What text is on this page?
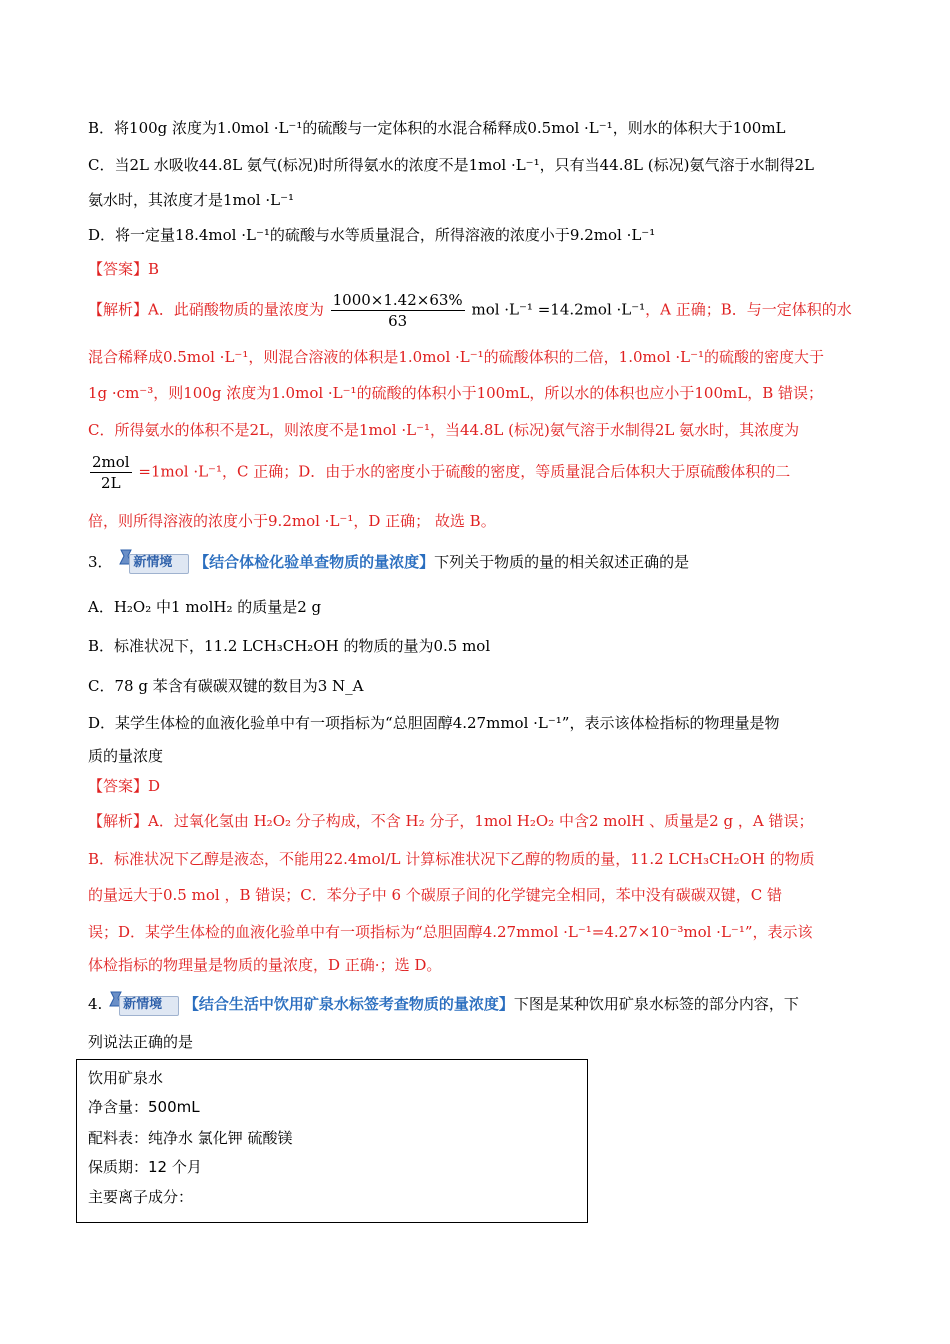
B．将100g 浓度为1.0mol ·L⁻¹的硫酸与一定体积的水混合稀释成0.5mol ·L⁻¹，则水的体积大于100mL
C．当2L 水吸收44.8L 氨气(标况)时所得氨水的浓度不是1mol ·L⁻¹，只有当44.8L (标况)氨气溶于水制得2L
氨水时，其浓度才是1mol ·L⁻¹
D．将一定量18.4mol ·L⁻¹的硫酸与水等质量混合，所得溶液的浓度小于9.2mol ·L⁻¹
【答案】B
【解析】A．此硝酸物质的量浓度为 $\frac{1000\times 1.42\times 63\%}{63}$ mol ·L⁻¹ =14.2mol ·L⁻¹，A 正确；B．与一定体积的水
混合稀释成0.5mol ·L⁻¹，则混合溶液的体积是1.0mol ·L⁻¹的硫酸体积的二倍，1.0mol ·L⁻¹的硫酸的密度大于
1g ·cm⁻³，则100g 浓度为1.0mol ·L⁻¹的硫酸的体积小于100mL，所以水的体积也应小于100mL，B 错误；
C．所得氨水的体积不是2L，则浓度不是1mol ·L⁻¹，当44.8L (标况)氨气溶于水制得2L 氨水时，其浓度为
$\frac{\text{2mol}}{2L} =1mol \cdot L^{-1}$，C 正确；D．由于水的密度小于硫酸的密度，等质量混合后体积大于原硫酸体积的二
倍，则所得溶液的浓度小于9.2mol ·L⁻¹，D 正确； 故选 B。
3． 新情境 【结合体检化验单查物质的量浓度】下列关于物质的量的相关叙述正确的是
A．H₂O₂ 中1 molH₂ 的质量是2 g
B．标准状况下，11.2 LCH₃CH₂OH 的物质的量为0.5 mol
C．78 g 苯含有碳碳双键的数目为3 N_A
D．某学生体检的血液化验单中有一项指标为“总胆固醇4.27mmol ·L⁻¹”，表示该体检指标的物理量是物
质的量浓度
【答案】D
【解析】A．过氧化氢由 H₂O₂ 分子构成，不含 H₂ 分子，1mol H₂O₂ 中含2 molH 、质量是2 g ，A 错误；
B．标准状况下乙醇是液态，不能用22.4mol/L 计算标准状况下乙醇的物质的量，11.2 LCH₃CH₂OH 的物质
的量远大于0.5 mol ，B 错误；C．苯分子中 6 个碳原子间的化学键完全相同，苯中没有碳碳双键，C 错
误；D．某学生体检的血液化验单中有一项指标为“总胆固醇4.27mmol ·L⁻¹=4.27×10⁻³mol ·L⁻¹”，表示该
体检指标的物理量是物质的量浓度，D 正确·；选 D。
4. 新情境 【结合生活中饮用矿泉水标签考查物质的量浓度】下图是某种饮用矿泉水标签的部分内容，下
列说法正确的是
饮用矿泉水
净含量：500mL
配料表：纯净水 氯化钾 硫酸镁
保质期：12 个月
主要离子成分：
